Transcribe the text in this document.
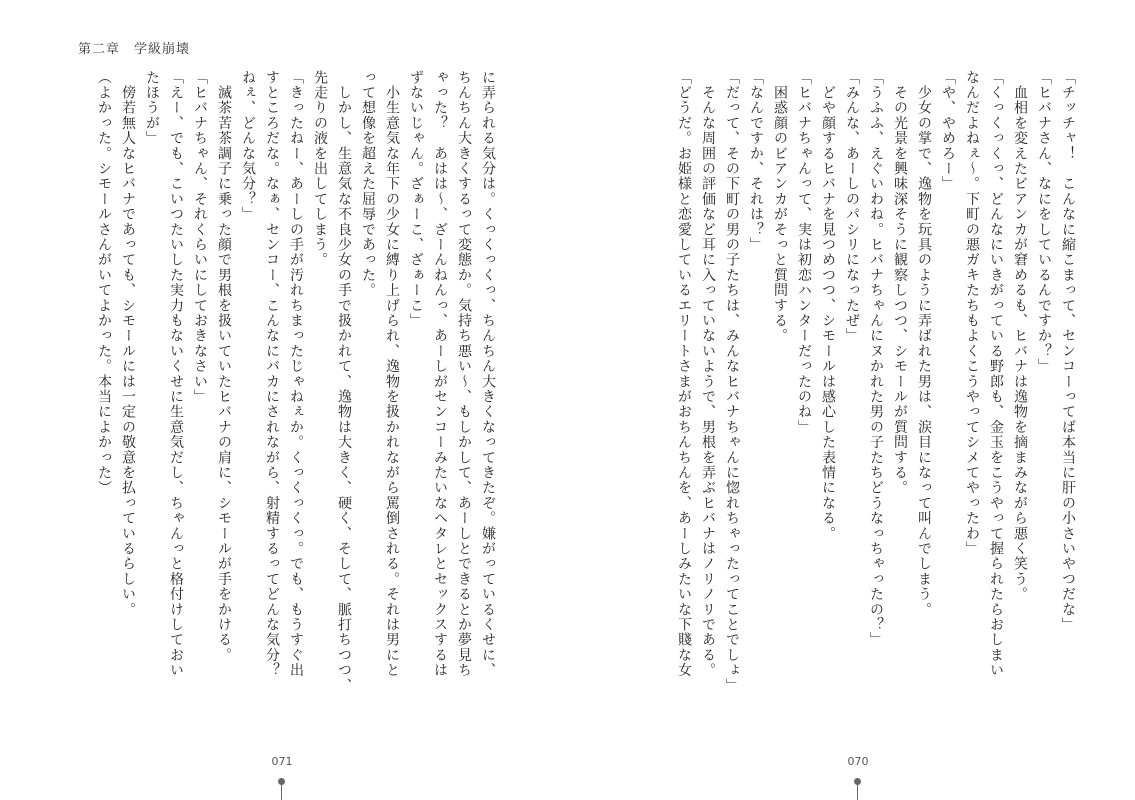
第二章　学級崩壊

に弄られる気分は。くっくっくっ、ちんちん大きくなってきたぞ。嫌がっているくせに、

ちんちん大きくするって変態か。気持ち悪い～、もしかして、あーしとできるとか夢見ち

ゃった？　あはは～、ざーんねんっ、あーしがセンコーみたいなヘタレとセックスするは

ずないじゃん。ざぁーこ、ざぁーこ」

　小生意気な年下の少女に縛り上げられ、逸物を扱かれながら罵倒される。それは男にと

って想像を超えた屈辱であった。

　しかし、生意気な不良少女の手で扱かれて、逸物は大きく、硬く、そして、脈打ちつつ、

先走りの液を出してしまう。

「きったねー、あーしの手が汚れちまったじゃねぇか。くっくっくっ。でも、もうすぐ出

すところだな。なぁ、センコー、こんなにバカにされながら、射精するってどんな気分？

ねぇ、どんな気分？」

　滅茶苦茶調子に乗った顔で男根を扱いていたヒバナの肩に、シモールが手をかける。

「ヒバナちゃん、それくらいにしておきなさい」

「えー、でも、こいつたいした実力もないくせに生意気だし、ちゃんっと格付けしておい

たほうが」

　傍若無人なヒバナであっても、シモールには一定の敬意を払っているらしい。

（よかった。シモールさんがいてよかった。本当によかった）	「チッチャ！　こんなに縮こまって、センコーってば本当に肝の小さいやつだな」

「ヒバナさん、なにをしているんですか？」

　血相を変えたビアンカが窘めるも、ヒバナは逸物を摘まみながら悪く笑う。

「くっくっくっ、どんなにいきがっている野郎も、金玉をこうやって握られたらおしまい

なんだよねぇ～。下町の悪ガキたちもよくこうやってシメてやったわ」

「や、やめろー」

　少女の掌で、逸物を玩具のように弄ばれた男は、涙目になって叫んでしまう。

　その光景を興味深そうに観察しつつ、シモールが質問する。

「うふふ、えぐいわね。ヒバナちゃんにヌかれた男の子たちどうなっちゃったの？」

「みんな、あーしのパシリになったぜ」

　どや顔するヒバナを見つめつつ、シモールは感心した表情になる。

「ヒバナちゃんって、実は初恋ハンターだったのね」

　困惑顔のビアンカがそっと質問する。

「なんですか、それは？」

「だって、その下町の男の子たちは、みんなヒバナちゃんに惚れちゃったってことでしょ」

　そんな周囲の評価など耳に入っていないようで、男根を弄ぶヒバナはノリノリである。

「どうだ。お姫様と恋愛しているエリートさまがおちんちんを、あーしみたいな下賤な女

071	070
